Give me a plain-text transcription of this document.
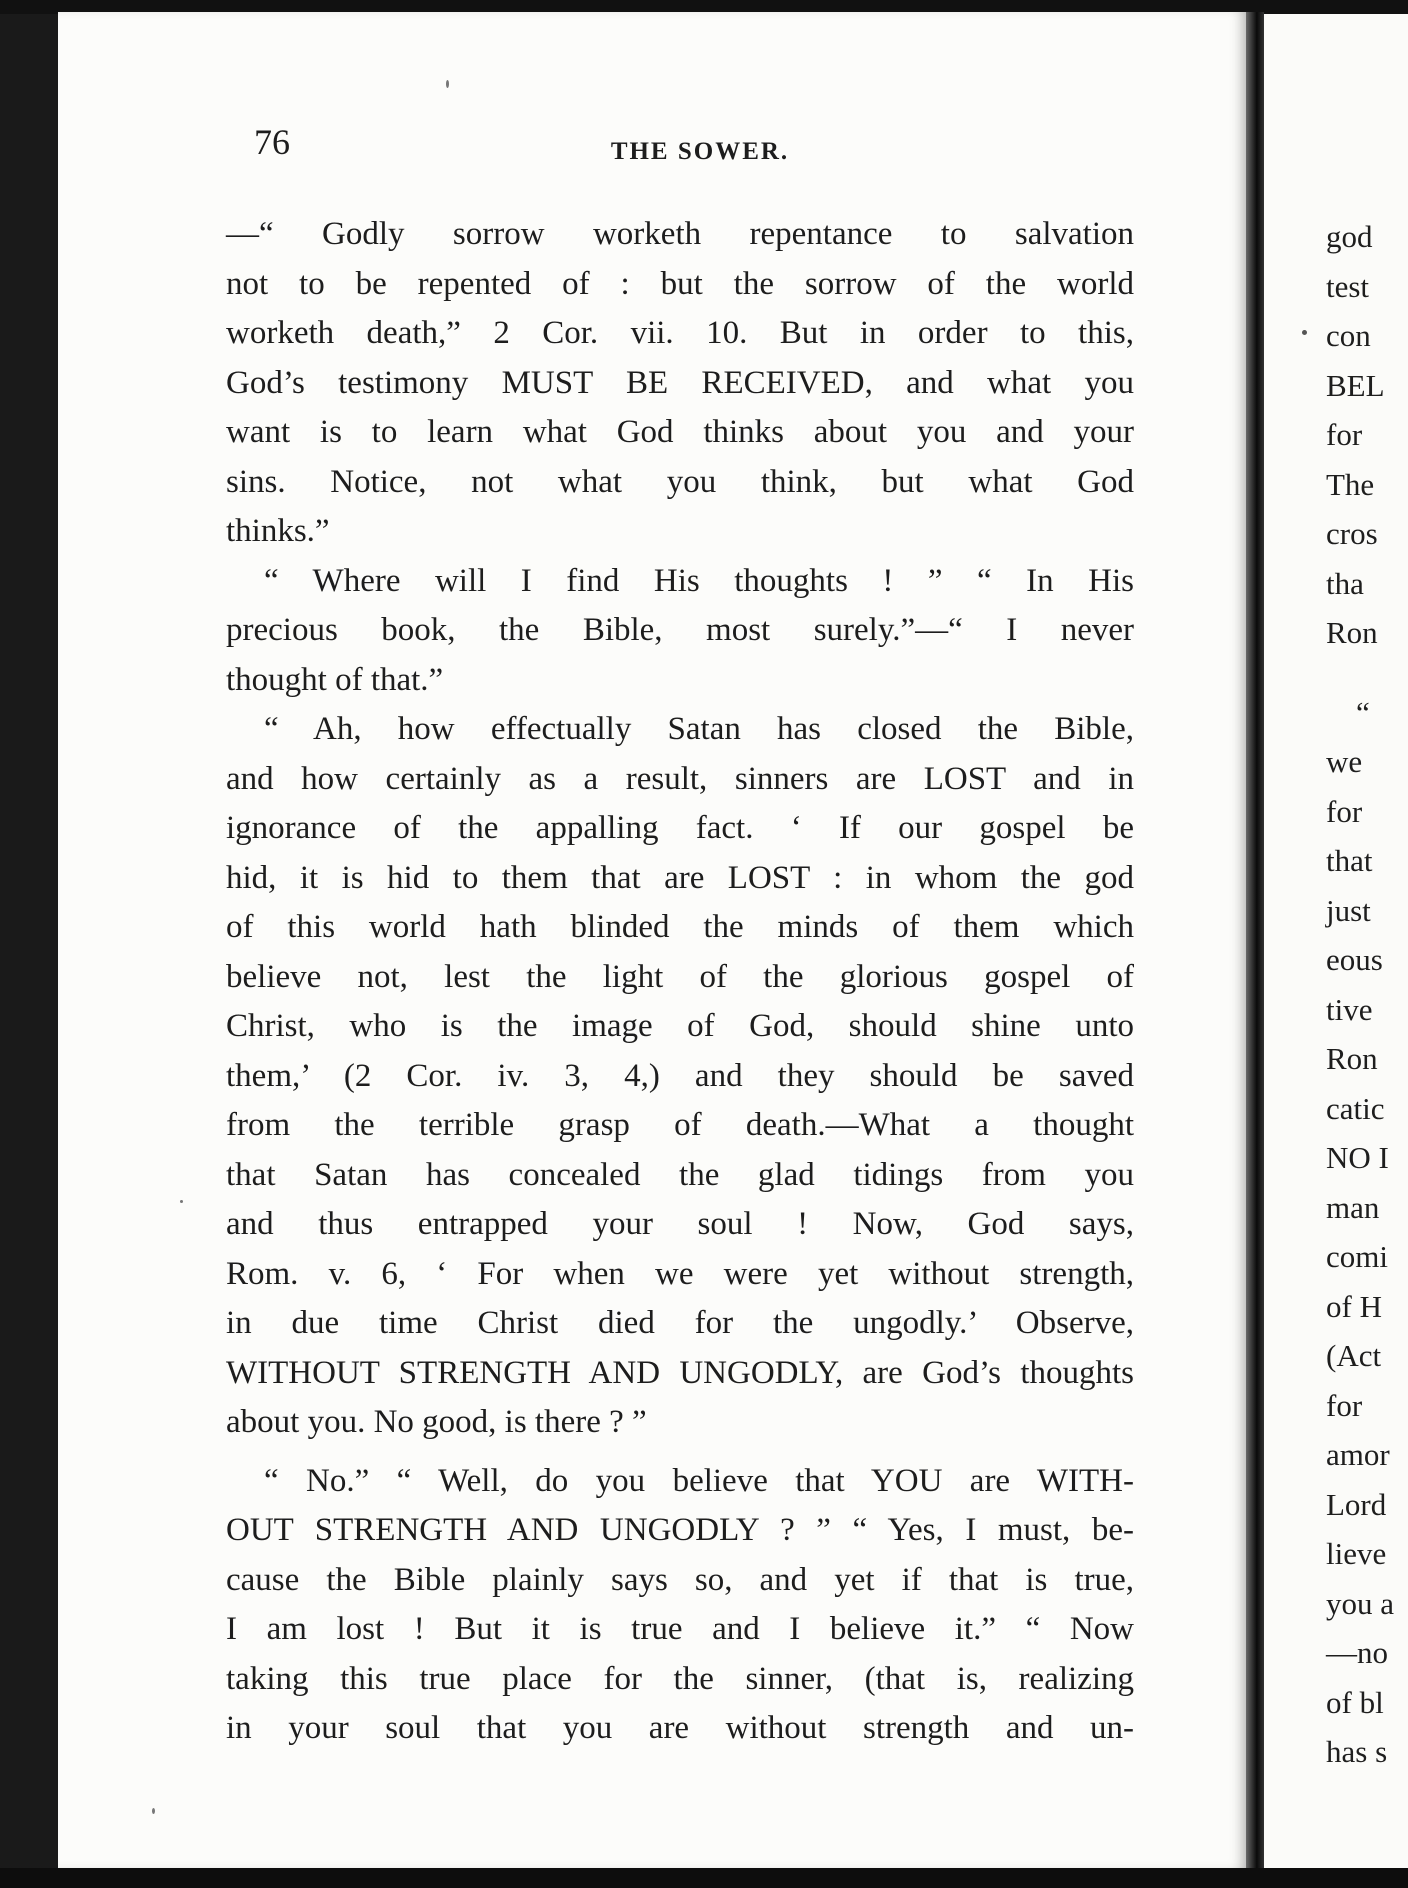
76	THE SOWER.
—“ Godly sorrow worketh repentance to salvation
not to be repented of : but the sorrow of the world
worketh death,” 2 Cor. vii. 10. But in order to this,
God’s testimony MUST BE RECEIVED, and what you
want is to learn what God thinks about you and your
sins. Notice, not what you think, but what God
thinks.”
“ Where will I find His thoughts ! ” “ In His
precious book, the Bible, most surely.”—“ I never
thought of that.”
“ Ah, how effectually Satan has closed the Bible,
and how certainly as a result, sinners are LOST and in
ignorance of the appalling fact. ‘ If our gospel be
hid, it is hid to them that are LOST : in whom the god
of this world hath blinded the minds of them which
believe not, lest the light of the glorious gospel of
Christ, who is the image of God, should shine unto
them,’ (2 Cor. iv. 3, 4,) and they should be saved
from the terrible grasp of death.—What a thought
that Satan has concealed the glad tidings from you
and thus entrapped your soul ! Now, God says,
Rom. v. 6, ‘ For when we were yet without strength,
in due time Christ died for the ungodly.’ Observe,
WITHOUT STRENGTH AND UNGODLY, are God’s thoughts
about you. No good, is there ? ”
“ No.” “ Well, do you believe that YOU are WITH-
OUT STRENGTH AND UNGODLY ? ” “ Yes, I must, be-
cause the Bible plainly says so, and yet if that is true,
I am lost ! But it is true and I believe it.” “ Now
taking this true place for the sinner, (that is, realizing
in your soul that you are without strength and un-
god
test
con
BEL
for
The
cros
tha
Ron
“
we
for
that
just
eous
tive
Ron
catic
NO I
man
comi
of H
(Act
for
amor
Lord
lieve
you a
—no
of bl
has s
